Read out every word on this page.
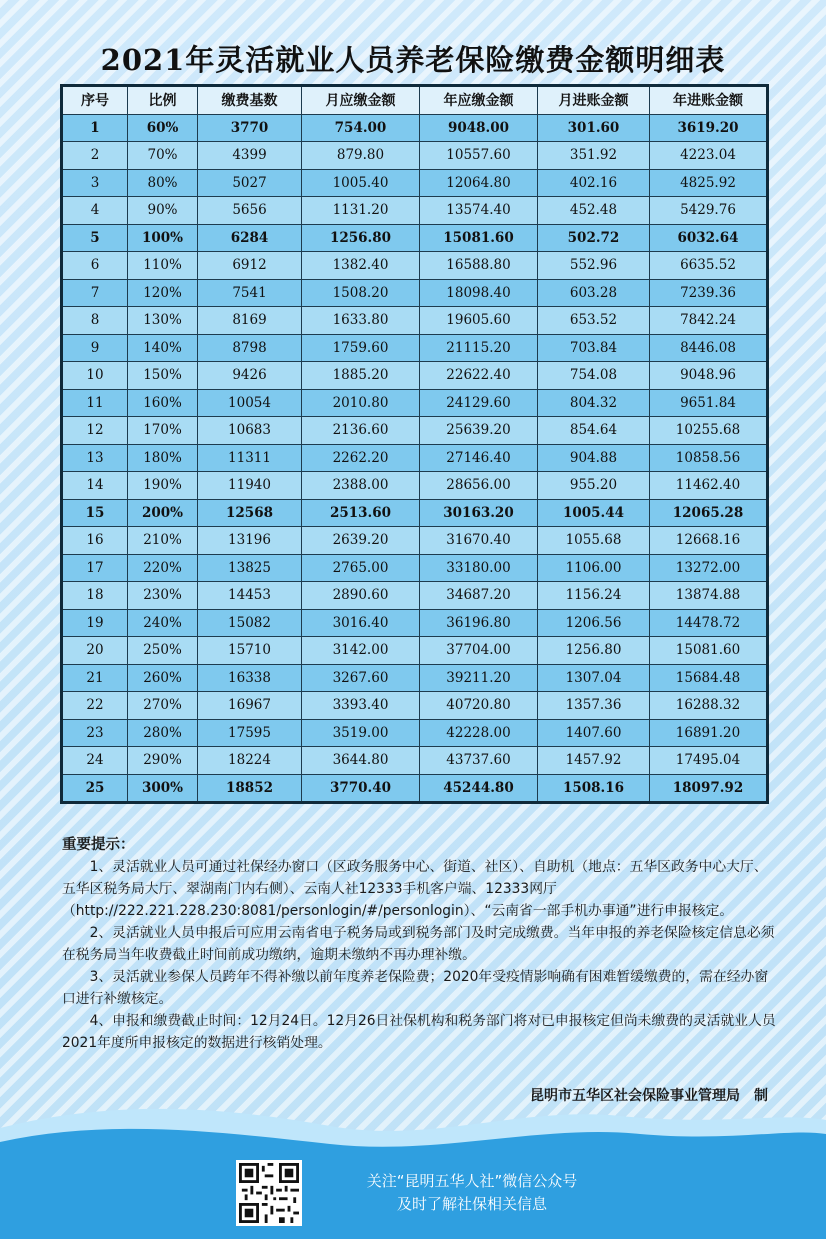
2021年灵活就业人员养老保险缴费金额明细表
序号	比例	缴费基数	月应缴金额	年应缴金额	月进账金额	年进账金额
1	60%	3770	754.00	9048.00	301.60	3619.20
2	70%	4399	879.80	10557.60	351.92	4223.04
3	80%	5027	1005.40	12064.80	402.16	4825.92
4	90%	5656	1131.20	13574.40	452.48	5429.76
5	100%	6284	1256.80	15081.60	502.72	6032.64
6	110%	6912	1382.40	16588.80	552.96	6635.52
7	120%	7541	1508.20	18098.40	603.28	7239.36
8	130%	8169	1633.80	19605.60	653.52	7842.24
9	140%	8798	1759.60	21115.20	703.84	8446.08
10	150%	9426	1885.20	22622.40	754.08	9048.96
11	160%	10054	2010.80	24129.60	804.32	9651.84
12	170%	10683	2136.60	25639.20	854.64	10255.68
13	180%	11311	2262.20	27146.40	904.88	10858.56
14	190%	11940	2388.00	28656.00	955.20	11462.40
15	200%	12568	2513.60	30163.20	1005.44	12065.28
16	210%	13196	2639.20	31670.40	1055.68	12668.16
17	220%	13825	2765.00	33180.00	1106.00	13272.00
18	230%	14453	2890.60	34687.20	1156.24	13874.88
19	240%	15082	3016.40	36196.80	1206.56	14478.72
20	250%	15710	3142.00	37704.00	1256.80	15081.60
21	260%	16338	3267.60	39211.20	1307.04	15684.48
22	270%	16967	3393.40	40720.80	1357.36	16288.32
23	280%	17595	3519.00	42228.00	1407.60	16891.20
24	290%	18224	3644.80	43737.60	1457.92	17495.04
25	300%	18852	3770.40	45244.80	1508.16	18097.92
重要提示：

1、灵活就业人员可通过社保经办窗口（区政务服务中心、街道、社区）、自助机（地点：五华区政务中心大厅、五华区税务局大厅、翠湖南门内右侧）、云南人社12333手机客户端、12333网厅（http://222.221.228.230:8081/personlogin/#/personlogin）、“云南省一部手机办事通”进行申报核定。

2、灵活就业人员申报后可应用云南省电子税务局或到税务部门及时完成缴费。当年申报的养老保险核定信息必须在税务局当年收费截止时间前成功缴纳，逾期未缴纳不再办理补缴。

3、灵活就业参保人员跨年不得补缴以前年度养老保险费；2020年受疫情影响确有困难暂缓缴费的，需在经办窗口进行补缴核定。

4、申报和缴费截止时间：12月24日。12月26日社保机构和税务部门将对已申报核定但尚未缴费的灵活就业人员2021年度所申报核定的数据进行核销处理。

昆明市五华区社会保险事业管理局　制
关注“昆明五华人社”微信公众号
及时了解社保相关信息
